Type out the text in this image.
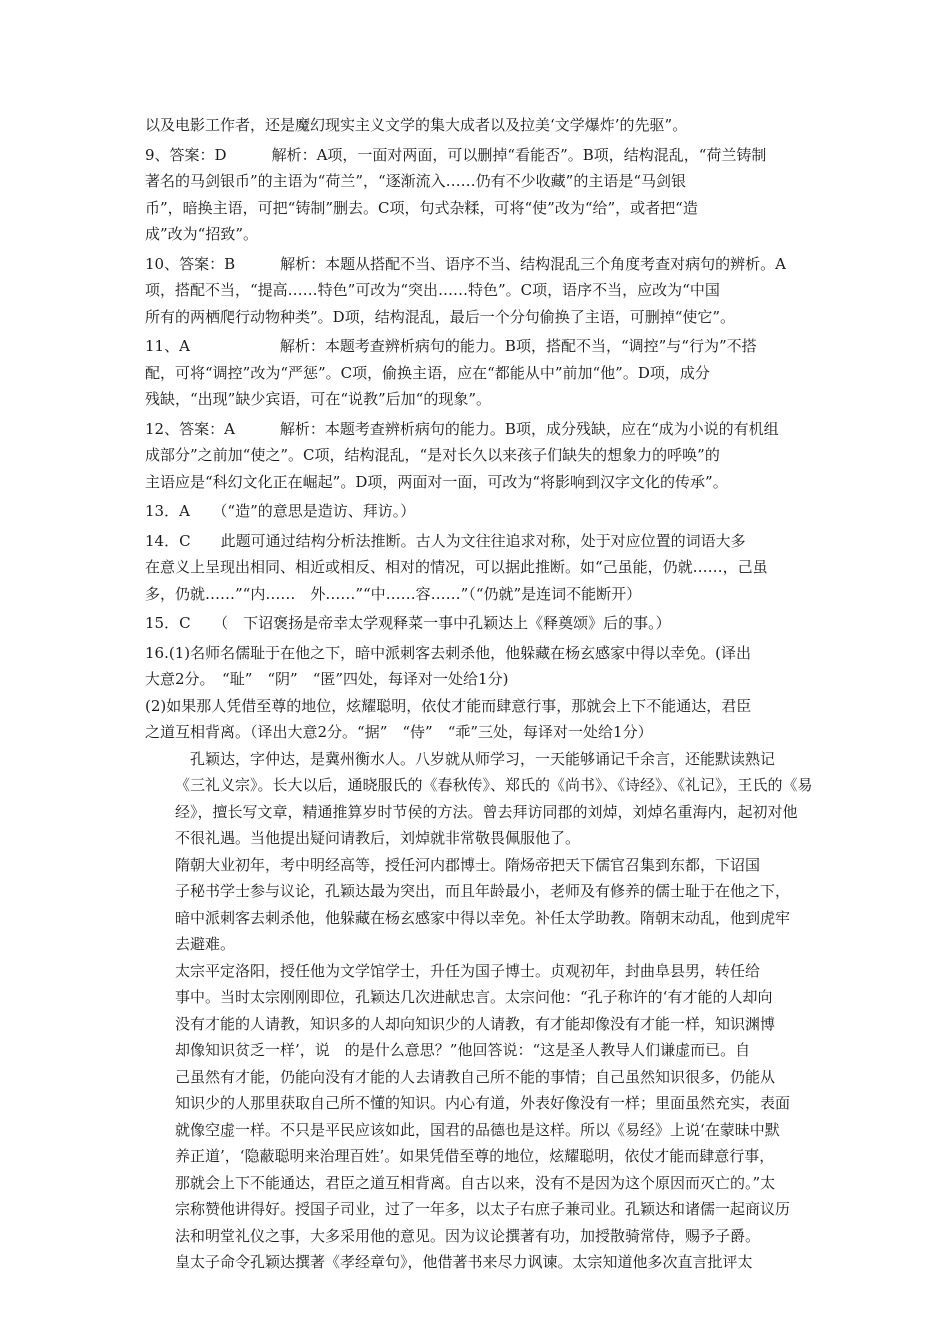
以及电影工作者，还是魔幻现实主义文学的集大成者以及拉美‘文学爆炸’的先驱”。
9、答案：D　　　解析：A项，一面对两面，可以删掉“看能否”。B项，结构混乱，“荷兰铸制
著名的马剑银币”的主语为“荷兰”，“逐渐流入……仍有不少收藏”的主语是“马剑银
币”，暗换主语，可把“铸制”删去。C项，句式杂糅，可将“使”改为“给”，或者把“造
成”改为“招致”。
10、答案：B　　　解析：本题从搭配不当、语序不当、结构混乱三个角度考查对病句的辨析。A
项，搭配不当，“提高……特色”可改为“突出……特色”。C项，语序不当，应改为“中国
所有的两栖爬行动物种类”。D项，结构混乱，最后一个分句偷换了主语，可删掉“使它”。
11、A　　　　　　解析：本题考查辨析病句的能力。B项，搭配不当，“调控”与“行为”不搭
配，可将“调控”改为“严惩”。C项，偷换主语，应在“都能从中”前加“他”。D项，成分
残缺，“出现”缺少宾语，可在“说教”后加“的现象”。
12、答案：A　　　解析：本题考查辨析病句的能力。B项，成分残缺，应在“成为小说的有机组
成部分”之前加“使之”。C项，结构混乱，“是对长久以来孩子们缺失的想象力的呼唤”的
主语应是“科幻文化正在崛起”。D项，两面对一面，可改为“将影响到汉字文化的传承”。
13．A　　（“造”的意思是造访、拜访。）
14．C　　此题可通过结构分析法推断。古人为文往往追求对称，处于对应位置的词语大多
在意义上呈现出相同、相近或相反、相对的情况，可以据此推断。如“己虽能，仍就……，己虽
多，仍就……”“内……　外……”“中……容……”（“仍就”是连词不能断开）
15．C　　（　下诏褒扬是帝幸太学观释菜一事中孔颖达上《释奠颂》后的事。）
16.(1)名师名儒耻于在他之下，暗中派刺客去刺杀他，他躲藏在杨玄感家中得以幸免。(译出
大意2分。　“耻”　“阴”　“匿”四处，每译对一处给1分)
(2)如果那人凭借至尊的地位，炫耀聪明，依仗才能而肆意行事，那就会上下不能通达，君臣
之道互相背离。（译出大意2分。“据”　“侍”　“乖”三处，每译对一处给1分）
　孔颖达，字仲达，是冀州衡水人。八岁就从师学习，一天能够诵记千余言，还能默读熟记
《三礼义宗》。长大以后，通晓服氏的《春秋传》、郑氏的《尚书》、《诗经》、《礼记》，王氏的《易
经》，擅长写文章，精通推算岁时节侯的方法。曾去拜访同郡的刘焯，刘焯名重海内，起初对他
不很礼遇。当他提出疑问请教后，刘焯就非常敬畏佩服他了。
隋朝大业初年，考中明经高等，授任河内郡博士。隋炀帝把天下儒官召集到东都，下诏国
子秘书学士参与议论，孔颖达最为突出，而且年龄最小，老师及有修养的儒士耻于在他之下，
暗中派刺客去刺杀他，他躲藏在杨玄感家中得以幸免。补任太学助教。隋朝末动乱，他到虎牢
去避难。
太宗平定洛阳，授任他为文学馆学士，升任为国子博士。贞观初年，封曲阜县男，转任给
事中。当时太宗刚刚即位，孔颖达几次进献忠言。太宗问他：“孔子称许的‘有才能的人却向
没有才能的人请教，知识多的人却向知识少的人请教，有才能却像没有才能一样，知识渊博
却像知识贫乏一样’，说　的是什么意思？”他回答说：“这是圣人教导人们谦虚而已。自
己虽然有才能，仍能向没有才能的人去请教自己所不能的事情；自己虽然知识很多，仍能从
知识少的人那里获取自己所不懂的知识。内心有道，外表好像没有一样；里面虽然充实，表面
就像空虚一样。不只是平民应该如此，国君的品德也是这样。所以《易经》上说‘在蒙昧中默
养正道’，‘隐蔽聪明来治理百姓’。如果凭借至尊的地位，炫耀聪明，依仗才能而肆意行事，
那就会上下不能通达，君臣之道互相背离。自古以来，没有不是因为这个原因而灭亡的。”太
宗称赞他讲得好。授国子司业，过了一年多，以太子右庶子兼司业。孔颖达和诸儒一起商议历
法和明堂礼仪之事，大多采用他的意见。因为议论撰著有功，加授散骑常侍，赐予子爵。
皇太子命令孔颖达撰著《孝经章句》，他借著书来尽力讽谏。太宗知道他多次直言批评太
